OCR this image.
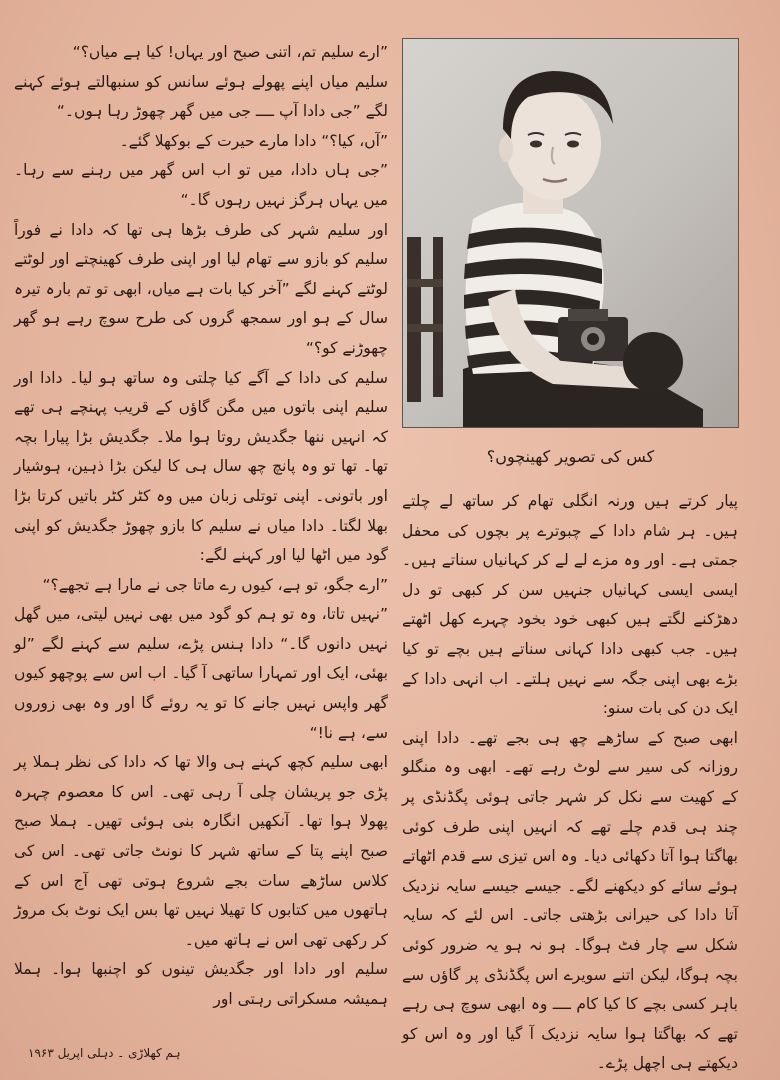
”ارے سلیم تم، اتنی صبح اور یہاں! کیا ہے میاں؟“

سلیم میاں اپنے پھولے ہوئے سانس کو سنبھالتے ہوئے کہنے لگے ”جی دادا آپ ــــ جی میں گھر چھوڑ رہا ہوں۔“

”آں، کیا؟“ دادا مارے حیرت کے بوکھلا گئے۔

”جی ہاں دادا، میں تو اب اس گھر میں رہنے سے رہا۔ میں یہاں ہرگز نہیں رہوں گا۔“

اور سلیم شہر کی طرف بڑھا ہی تھا کہ دادا نے فوراً سلیم کو بازو سے تھام لیا اور اپنی طرف کھینچتے اور لوٹتے لوٹتے کہنے لگے ”آخر کیا بات ہے میاں، ابھی تو تم بارہ تیرہ سال کے ہو اور سمجھ گروں کی طرح سوچ رہے ہو گھر چھوڑنے کو؟“

سلیم کی دادا کے آگے کیا چلتی وہ ساتھ ہو لیا۔ دادا اور سلیم اپنی باتوں میں مگن گاؤں کے قریب پہنچے ہی تھے کہ انہیں ننھا جگدیش روتا ہوا ملا۔ جگدیش بڑا پیارا بچہ تھا۔ تھا تو وہ پانچ چھ سال ہی کا لیکن بڑا ذہین، ہوشیار اور باتونی۔ اپنی توتلی زبان میں وہ کٹر کٹر باتیں کرتا بڑا بھلا لگتا۔ دادا میاں نے سلیم کا بازو چھوڑ جگدیش کو اپنی گود میں اٹھا لیا اور کہنے لگے:

”ارے جگو، تو ہے، کیوں رے ماتا جی نے مارا ہے تجھے؟“

”نہیں تاتا، وہ تو ہم کو گود میں بھی نہیں لیتی، میں گھل نہیں دانوں گا۔“ دادا ہنس پڑے، سلیم سے کہنے لگے ”لو بھئی، ایک اور تمہارا ساتھی آ گیا۔ اب اس سے پوچھو کیوں گھر واپس نہیں جانے کا تو یہ روئے گا اور وہ بھی زوروں سے، ہے نا!“

ابھی سلیم کچھ کہنے ہی والا تھا کہ دادا کی نظر ہملا پر پڑی جو پریشان چلی آ رہی تھی۔ اس کا معصوم چہرہ پھولا ہوا تھا۔ آنکھیں انگارہ بنی ہوئی تھیں۔ ہملا صبح صبح اپنے پتا کے ساتھ شہر کا نونٹ جاتی تھی۔ اس کی کلاس ساڑھے سات بجے شروع ہوتی تھی آج اس کے ہاتھوں میں کتابوں کا تھیلا نہیں تھا بس ایک نوٹ بک مروڑ کر رکھی تھی اس نے ہاتھ میں۔

سلیم اور دادا اور جگدیش تینوں کو اچنبھا ہوا۔ ہملا ہمیشہ مسکراتی رہتی اور

کس کی تصویر کھینچوں؟

پیار کرتے ہیں ورنہ انگلی تھام کر ساتھ لے چلتے ہیں۔ ہر شام دادا کے چبوترے پر بچوں کی محفل جمتی ہے۔ اور وہ مزے لے لے کر کہانیاں سناتے ہیں۔ ایسی ایسی کہانیاں جنہیں سن کر کبھی تو دل دھڑکنے لگتے ہیں کبھی خود بخود چہرے کھل اٹھتے ہیں۔ جب کبھی دادا کہانی سناتے ہیں بچے تو کیا بڑے بھی اپنی جگہ سے نہیں ہلتے۔ اب انہی دادا کے ایک دن کی بات سنو:

ابھی صبح کے ساڑھے چھ ہی بجے تھے۔ دادا اپنی روزانہ کی سیر سے لوٹ رہے تھے۔ ابھی وہ منگلو کے کھیت سے نکل کر شہر جاتی ہوئی پگڈنڈی پر چند ہی قدم چلے تھے کہ انہیں اپنی طرف کوئی بھاگتا ہوا آتا دکھائی دیا۔ وہ اس تیزی سے قدم اٹھاتے ہوئے سائے کو دیکھنے لگے۔ جیسے جیسے سایہ نزدیک آتا دادا کی حیرانی بڑھتی جاتی۔ اس لئے کہ سایہ شکل سے چار فٹ ہوگا۔ ہو نہ ہو یہ ضرور کوئی بچہ ہوگا، لیکن اتنے سویرے اس پگڈنڈی پر گاؤں سے باہر کسی بچے کا کیا کام ــــ وہ ابھی سوچ ہی رہے تھے کہ بھاگتا ہوا سایہ نزدیک آ گیا اور وہ اس کو دیکھتے ہی اچھل پڑے۔

ہم کھلاڑی ۔ دہلی اپریل ۱۹۶۳
